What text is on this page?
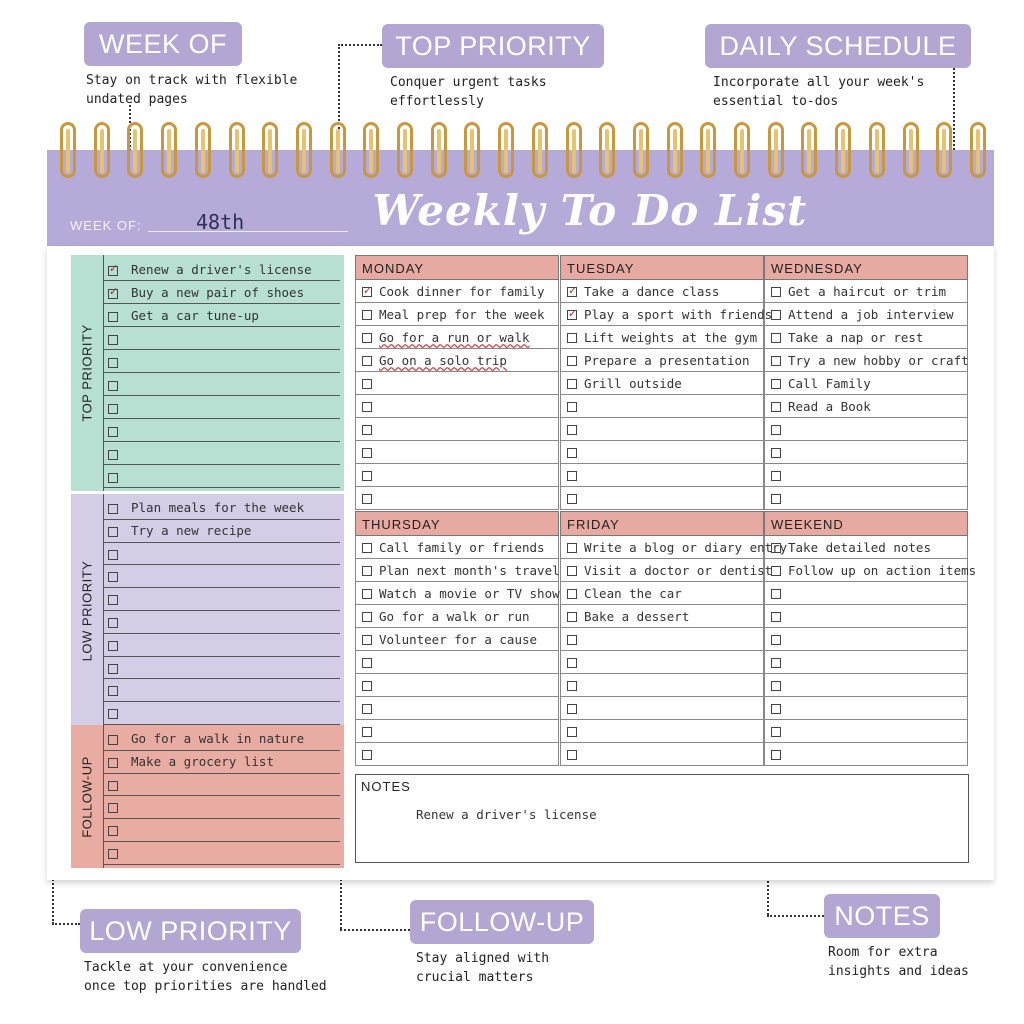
WEEK OF
Stay on track with flexible
undated pages
TOP PRIORITY
Conquer urgent tasks
effortlessly
DAILY SCHEDULE
Incorporate all your week's
essential to-dos
LOW PRIORITY
Tackle at your convenience
once top priorities are handled
FOLLOW-UP
Stay aligned with
crucial matters
NOTES
Room for extra
insights and ideas
WEEK OF:	48th	Weekly To Do List
TOP PRIORITY
✓ Renew a driver's license
✓ Buy a new pair of shoes
Get a car tune-up
LOW PRIORITY
Plan meals for the week
Try a new recipe
FOLLOW-UP
Go for a walk in nature
Make a grocery list
MONDAY
✓ Cook dinner for family
Meal prep for the week
Go for a run or walk
Go on a solo trip
TUESDAY
✓ Take a dance class
✓ Play a sport with friends
Lift weights at the gym
Prepare a presentation
Grill outside
WEDNESDAY
Get a haircut or trim
Attend a job interview
Take a nap or rest
Try a new hobby or craft
Call Family
Read a Book
THURSDAY
Call family or friends
Plan next month's travel
Watch a movie or TV show
Go for a walk or run
Volunteer for a cause
FRIDAY
Write a blog or diary entry
Visit a doctor or dentist
Clean the car
Bake a dessert
WEEKEND
Take detailed notes
Follow up on action items
NOTES
Renew a driver's license
